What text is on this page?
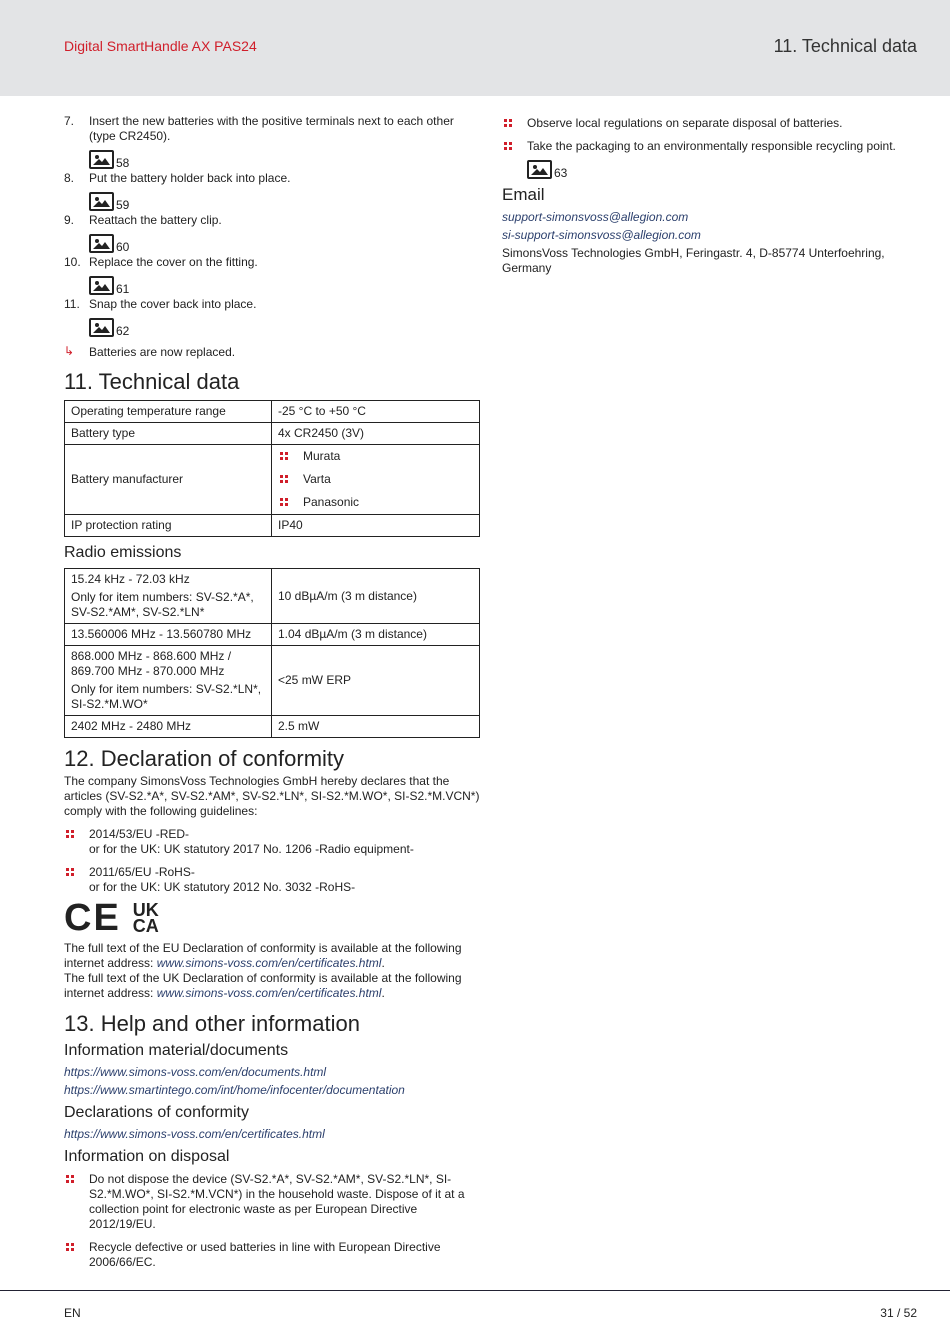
Digital SmartHandle AX PAS24	11. Technical data
7. Insert the new batteries with the positive terminals next to each other (type CR2450).
58
8. Put the battery holder back into place.
59
9. Reattach the battery clip.
60
10. Replace the cover on the fitting.
61
11. Snap the cover back into place.
62
↳ Batteries are now replaced.
11. Technical data
Operating temperature range	-25 °C to +50 °C
Battery type	4x CR2450 (3V)
Battery manufacturer	Murata
Varta
Panasonic

IP protection rating	IP40
Radio emissions
15.24 kHz - 72.03 kHz
Only for item numbers: SV-S2.*A*, SV-S2.*AM*, SV-S2.*LN*	10 dBµA/m (3 m distance)
13.560006 MHz - 13.560780 MHz	1.04 dBµA/m (3 m distance)

868.000 MHz - 868.600 MHz / 869.700 MHz - 870.000 MHz
Only for item numbers: SV-S2.*LN*, SI-S2.*M.WO*	<25 mW ERP
2402 MHz - 2480 MHz	2.5 mW
12. Declaration of conformity

The company SimonsVoss Technologies GmbH hereby declares that the articles (SV-S2.*A*, SV-S2.*AM*, SV-S2.*LN*, SI-S2.*M.WO*, SI-S2.*M.VCN*) comply with the following guidelines:

2014/53/EU -RED-
or for the UK: UK statutory 2017 No. 1206 -Radio equipment-
2011/65/EU -RoHS-
or for the UK: UK statutory 2012 No. 3032 -RoHS-
CE UK
CA

The full text of the EU Declaration of conformity is available at the following internet address: www.simons-voss.com/en/certificates.html.

The full text of the UK Declaration of conformity is available at the following internet address: www.simons-voss.com/en/certificates.html.

13. Help and other information
Information material/documents
https://www.simons-voss.com/en/documents.html
https://www.smartintego.com/int/home/infocenter/documentation
Declarations of conformity
https://www.simons-voss.com/en/certificates.html
Information on disposal
Do not dispose the device (SV-S2.*A*, SV-S2.*AM*, SV-S2.*LN*, SI-S2.*M.WO*, SI-S2.*M.VCN*) in the household waste. Dispose of it at a collection point for electronic waste as per European Directive 2012/19/EU.
Recycle defective or used batteries in line with European Directive 2006/66/EC.
Observe local regulations on separate disposal of batteries.
Take the packaging to an environmentally responsible recycling point.
63
Email
support-simonsvoss@allegion.com
si-support-simonsvoss@allegion.com

SimonsVoss Technologies GmbH, Feringastr. 4, D-85774 Unterfoehring, Germany

EN	31 / 52
